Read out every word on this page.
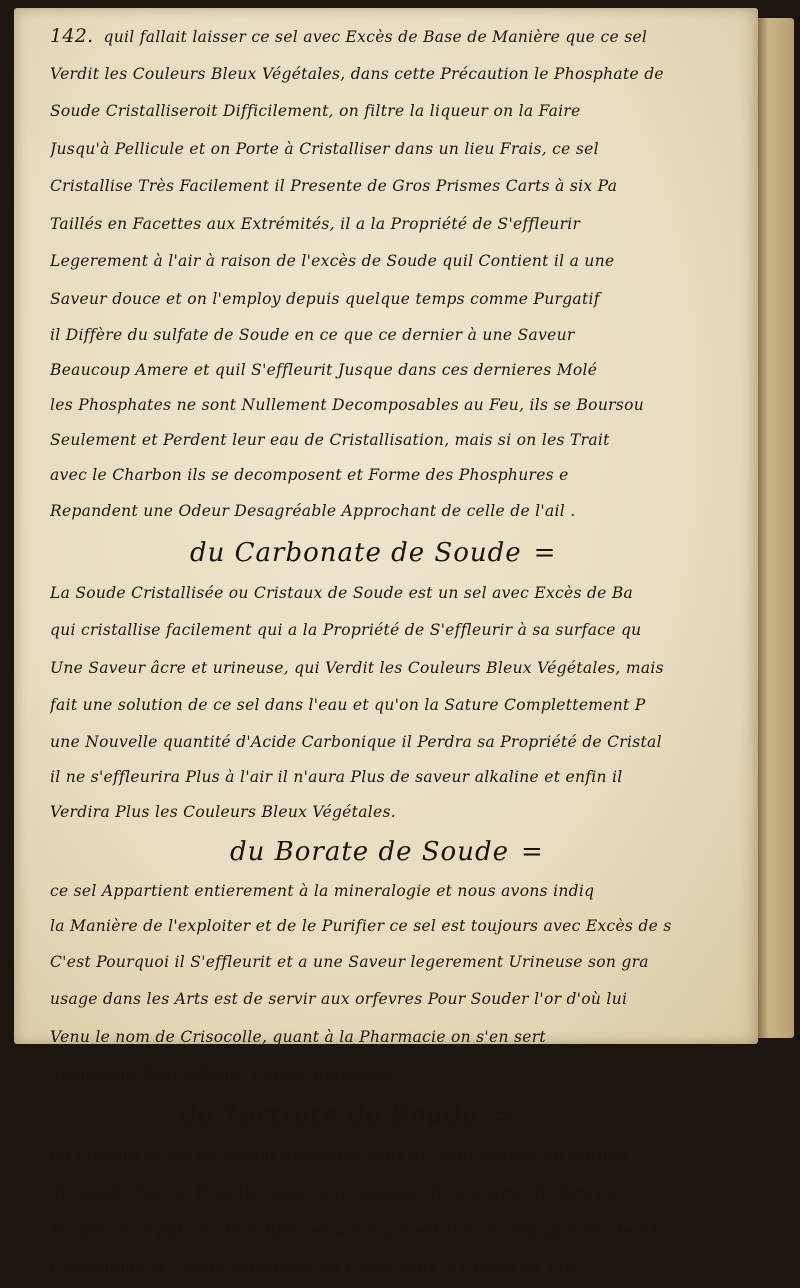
142. quil fallait laisser ce sel avec Excès de Base de Manière que ce sel
Verdit les Couleurs Bleux Végétales, dans cette Précaution le Phosphate de
Soude Cristalliseroit Difficilement, on filtre la liqueur on la Faire
Jusqu'à Pellicule et on Porte à Cristalliser dans un lieu Frais, ce sel
Cristallise Très Facilement il Presente de Gros Prismes Carts à six Pa
Taillés en Facettes aux Extrémités, il a la Propriété de S'effleurir
Legerement à l'air à raison de l'excès de Soude quil Contient il a une
Saveur douce et on l'employ depuis quelque temps comme Purgatif
il Diffère du sulfate de Soude en ce que ce dernier à une Saveur
Beaucoup Amere et quil S'effleurit Jusque dans ces dernieres Molé
les Phosphates ne sont Nullement Decomposables au Feu, ils se Boursou
Seulement et Perdent leur eau de Cristallisation, mais si on les Trait
avec le Charbon ils se decomposent et Forme des Phosphures e
Repandent une Odeur Desagréable Approchant de celle de l'ail .
du Carbonate de Soude =
La Soude Cristallisée ou Cristaux de Soude est un sel avec Excès de Ba
qui cristallise facilement qui a la Propriété de S'effleurir à sa surface qu
Une Saveur âcre et urineuse, qui Verdit les Couleurs Bleux Végétales, mais
fait une solution de ce sel dans l'eau et qu'on la Sature Complettement P
une Nouvelle quantité d'Acide Carbonique il Perdra sa Propriété de Cristal
il ne s'effleurira Plus à l'air il n'aura Plus de saveur alkaline et enfin il
Verdira Plus les Couleurs Bleux Végétales.
du Borate de Soude =
ce sel Appartient entierement à la mineralogie et nous avons indiq
la Manière de l'exploiter et de le Purifier ce sel est toujours avec Excès de s
C'est Pourquoi il S'effleurit et a une Saveur legerement Urineuse son gra
usage dans les Arts est de servir aux orfevres Pour Souder l'or d'où lui
Venu le nom de Crisocolle, quant à la Pharmacie on s'en sert
Seulement Pour Obtenir l'Acide Boracique.
de Tartrate de Soude =
on Prepare ce sel en Fesant dissoudre dans de l'eau chaude du Carbon
de Soude Puis on Projette dans cette solution de la Crème de Tartre e
Poudre, il se fait une Vive Effervessence qui est Dûe au degagement de l'Ac
Carbonique et l'acide Tartarique en Excès dans la Crème de Tart
